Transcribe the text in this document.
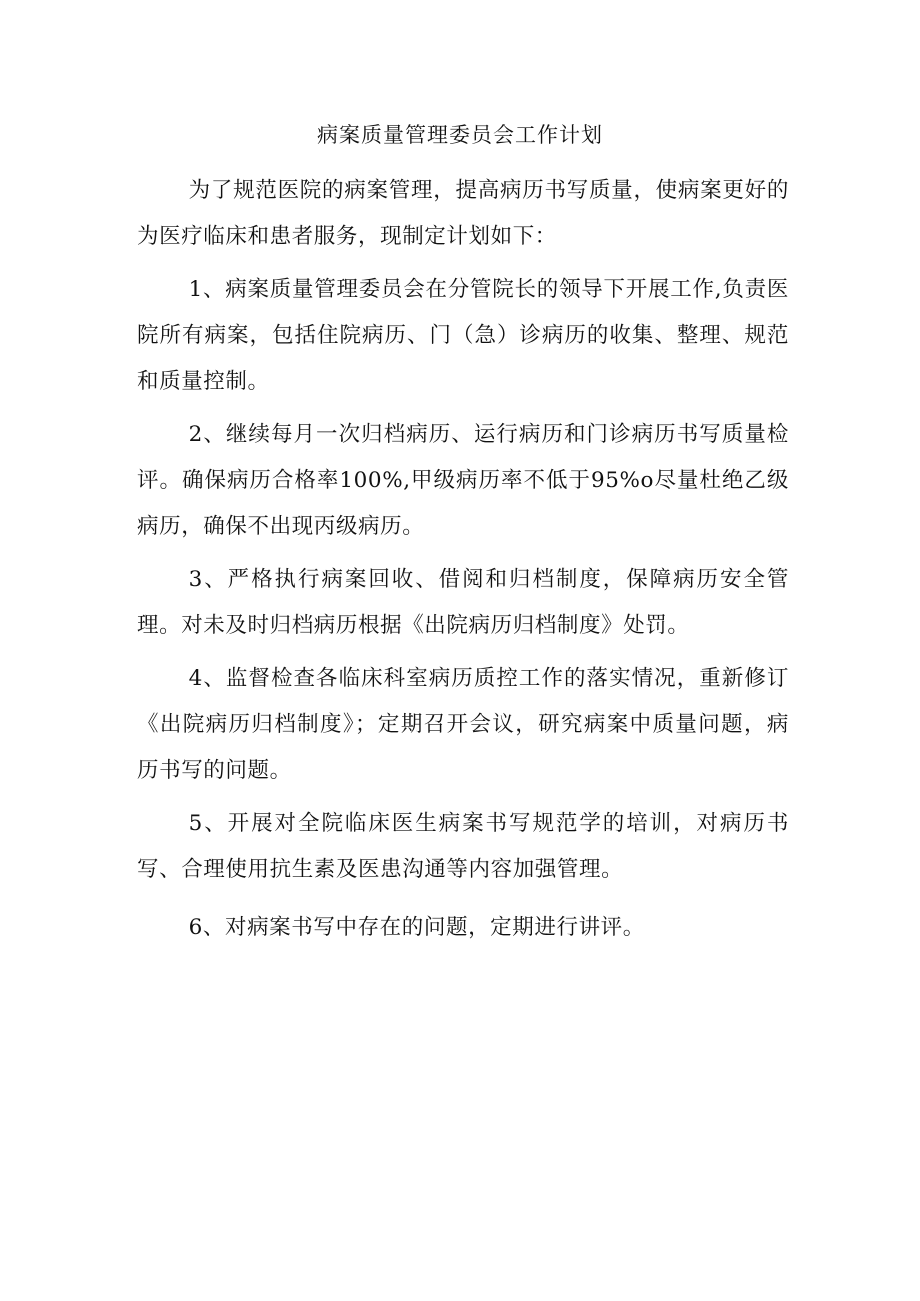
病案质量管理委员会工作计划

为了规范医院的病案管理，提高病历书写质量，使病案更好的为医疗临床和患者服务，现制定计划如下：

1、病案质量管理委员会在分管院长的领导下开展工作,负责医院所有病案，包括住院病历、门（急）诊病历的收集、整理、规范和质量控制。

2、继续每月一次归档病历、运行病历和门诊病历书写质量检评。确保病历合格率100%,甲级病历率不低于95%o尽量杜绝乙级病历，确保不出现丙级病历。

3、严格执行病案回收、借阅和归档制度，保障病历安全管理。对未及时归档病历根据《出院病历归档制度》处罚。

4、监督检查各临床科室病历质控工作的落实情况，重新修订《出院病历归档制度》；定期召开会议，研究病案中质量问题，病历书写的问题。

5、开展对全院临床医生病案书写规范学的培训，对病历书写、合理使用抗生素及医患沟通等内容加强管理。

6、对病案书写中存在的问题，定期进行讲评。
